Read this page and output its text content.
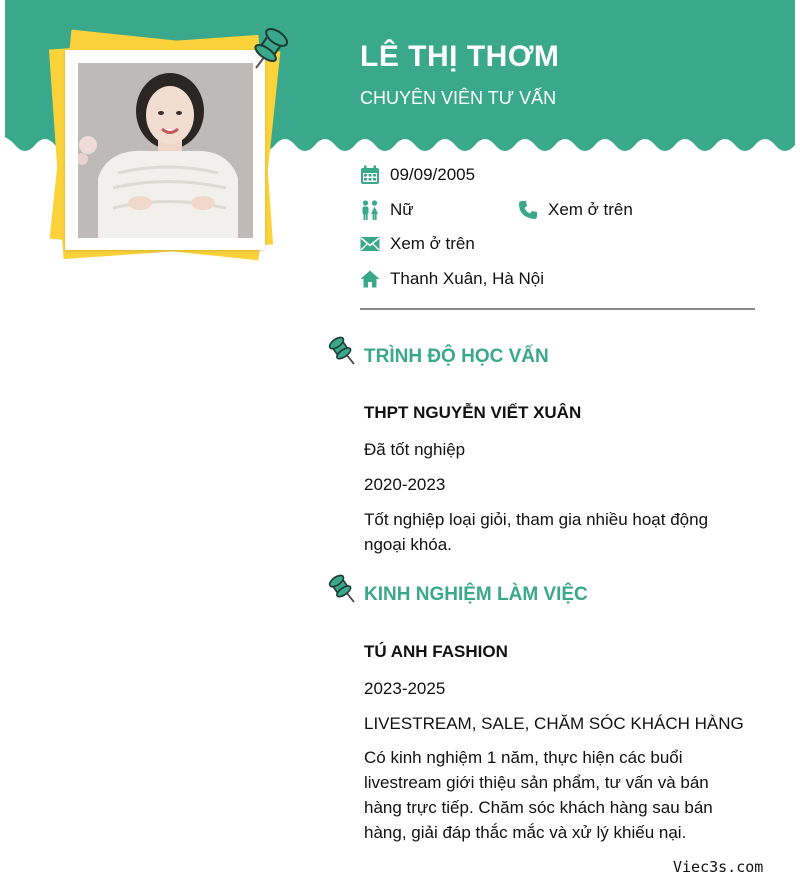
LÊ THỊ THƠM
CHUYÊN VIÊN TƯ VẤN
09/09/2005
Nữ	Xem ở trên
Xem ở trên
Thanh Xuân, Hà Nội
TRÌNH ĐỘ HỌC VẤN
THPT NGUYỄN VIẾT XUÂN
Đã tốt nghiệp
2020-2023
Tốt nghiệp loại giỏi, tham gia nhiều hoạt động ngoại khóa.
KINH NGHIỆM LÀM VIỆC
TÚ ANH FASHION
2023-2025
LIVESTREAM, SALE, CHĂM SÓC KHÁCH HÀNG
Có kinh nghiệm 1 năm, thực hiện các buổi livestream giới thiệu sản phẩm, tư vấn và bán hàng trực tiếp. Chăm sóc khách hàng sau bán hàng, giải đáp thắc mắc và xử lý khiếu nại.
Viec3s.com
